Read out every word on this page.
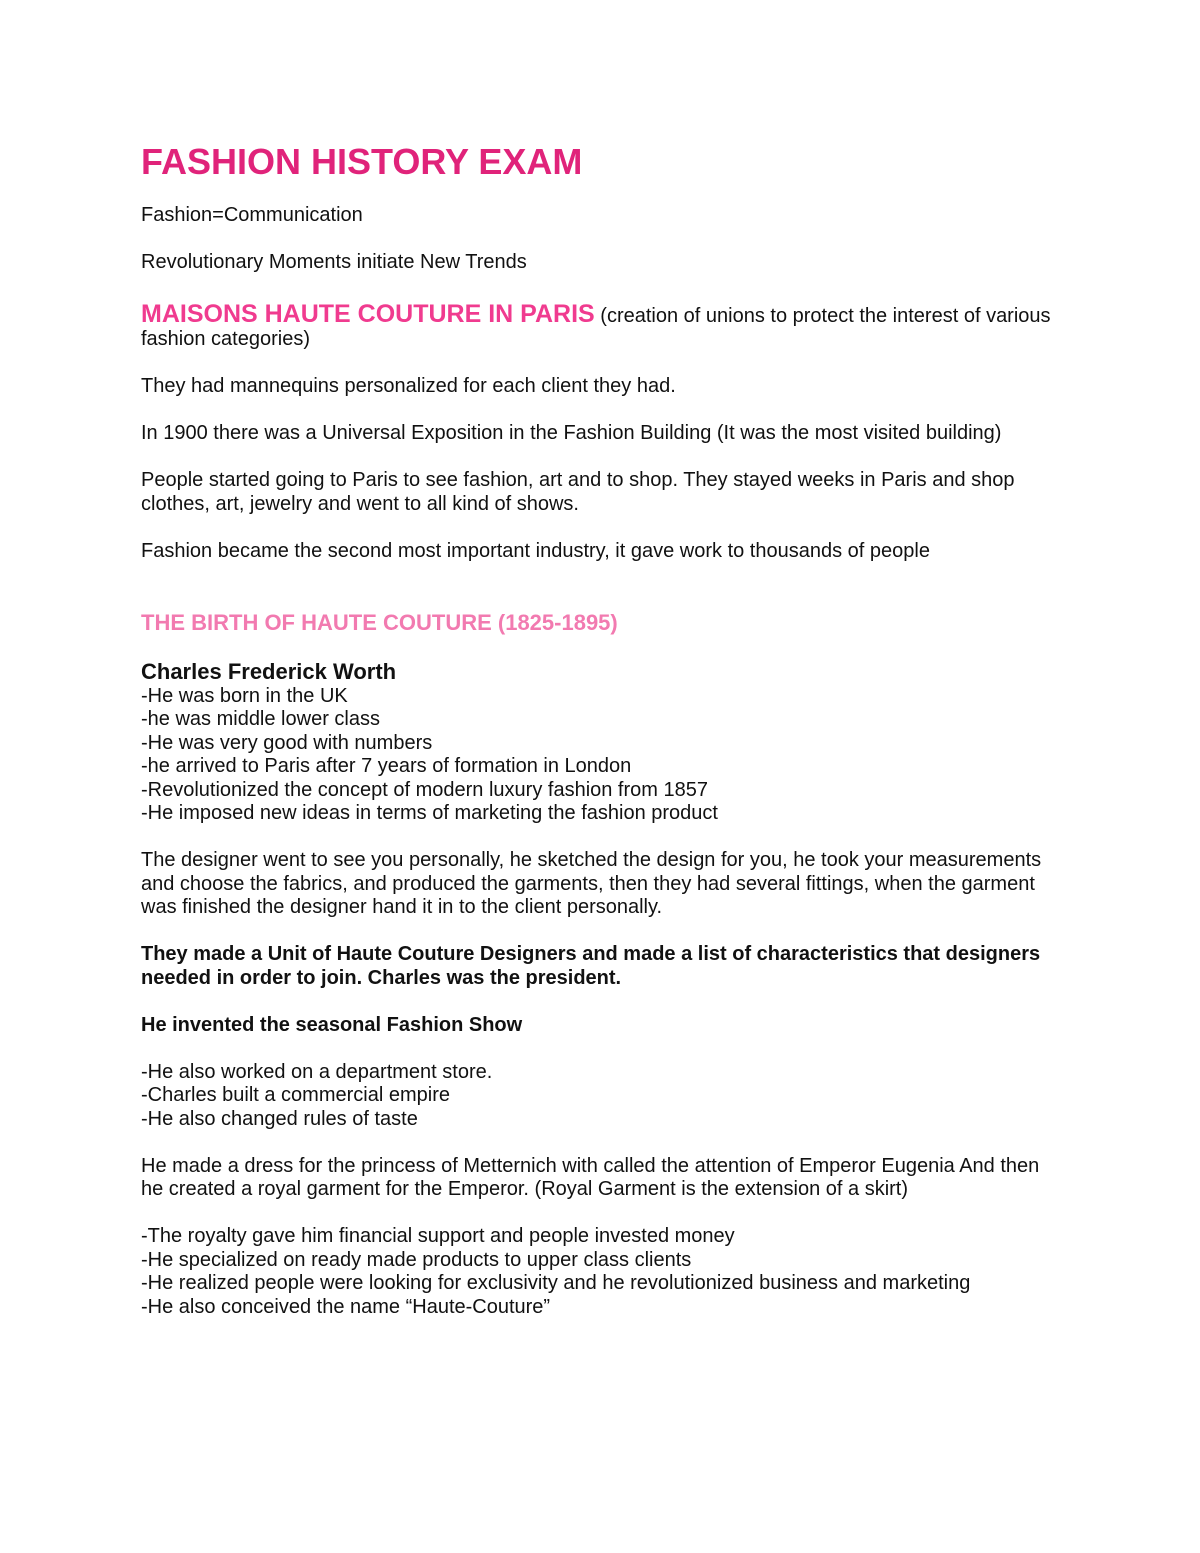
FASHION HISTORY EXAM

Fashion=Communication

Revolutionary Moments initiate New Trends

MAISONS HAUTE COUTURE IN PARIS (creation of unions to protect the interest of various fashion categories)

They had mannequins personalized for each client they had.

In 1900 there was a Universal Exposition in the Fashion Building (It was the most visited building)

People started going to Paris to see fashion, art and to shop. They stayed weeks in Paris and shop clothes, art, jewelry and went to all kind of shows.

Fashion became the second most important industry, it gave work to thousands of people

THE BIRTH OF HAUTE COUTURE (1825-1895)
Charles Frederick Worth
-He was born in the UK
-he was middle lower class
-He was very good with numbers
-he arrived to Paris after 7 years of formation in London
-Revolutionized the concept of modern luxury fashion from 1857
-He imposed new ideas in terms of marketing the fashion product

The designer went to see you personally, he sketched the design for you, he took your measurements and choose the fabrics, and produced the garments, then they had several fittings, when the garment was finished the designer hand it in to the client personally.

They made a Unit of Haute Couture Designers and made a list of characteristics that designers needed in order to join. Charles was the president.

He invented the seasonal Fashion Show

-He also worked on a department store.
-Charles built a commercial empire
-He also changed rules of taste

He made a dress for the princess of Metternich with called the attention of Emperor Eugenia And then he created a royal garment for the Emperor. (Royal Garment is the extension of a skirt)

-The royalty gave him financial support and people invested money
-He specialized on ready made products to upper class clients
-He realized people were looking for exclusivity and he revolutionized business and marketing
-He also conceived the name “Haute-Couture”
